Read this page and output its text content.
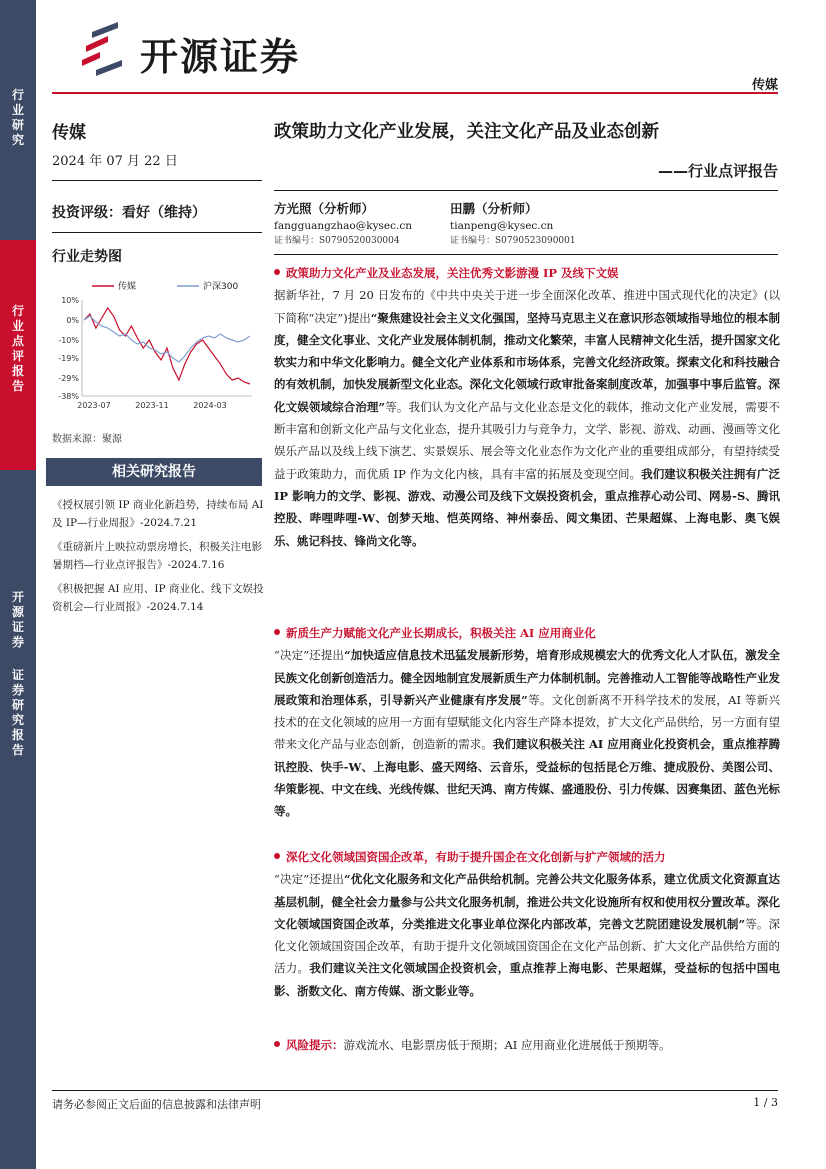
开源证券
传媒
行业研究
行业点评报告
开源证券
证券研究报告
传媒
2024 年 07 月 22 日
投资评级：看好（维持）
行业走势图
传媒	沪深300
2023-07	2023-11	2024-03
10%
0%
-10%
-19%
-29%
-38%
数据来源：聚源
相关研究报告
《授权展引领 IP 商业化新趋势，持续布局 AI 及 IP—行业周报》-2024.7.21
《重磅新片上映拉动票房增长，积极关注电影暑期档—行业点评报告》-2024.7.16
《积极把握 AI 应用、IP 商业化、线下文娱投资机会—行业周报》-2024.7.14
政策助力文化产业发展，关注文化产品及业态创新
——行业点评报告
方光照（分析师）
fangguangzhao@kysec.cn
证书编号：S0790520030004
田鹏（分析师）
tianpeng@kysec.cn
证书编号：S0790523090001
政策助力文化产业及业态发展，关注优秀文影游漫 IP 及线下文娱
据新华社，7 月 20 日发布的《中共中央关于进一步全面深化改革、推进中国式现代化的决定》(以下简称“决定”)提出“聚焦建设社会主义文化强国，坚持马克思主义在意识形态领域指导地位的根本制度，健全文化事业、文化产业发展体制机制，推动文化繁荣，丰富人民精神文化生活，提升国家文化软实力和中华文化影响力。健全文化产业体系和市场体系，完善文化经济政策。探索文化和科技融合的有效机制，加快发展新型文化业态。深化文化领域行政审批备案制度改革，加强事中事后监管。深化文娱领域综合治理”等。我们认为文化产品与文化业态是文化的载体，推动文化产业发展，需要不断丰富和创新文化产品与文化业态，提升其吸引力与竞争力，文学、影视、游戏、动画、漫画等文化娱乐产品以及线上线下演艺、实景娱乐、展会等文化业态作为文化产业的重要组成部分，有望持续受益于政策助力，而优质 IP 作为文化内核，具有丰富的拓展及变现空间。我们建议积极关注拥有广泛 IP 影响力的文学、影视、游戏、动漫公司及线下文娱投资机会，重点推荐心动公司、网易-S、腾讯控股、哔哩哔哩-W、创梦天地、恺英网络、神州泰岳、阅文集团、芒果超媒、上海电影、奥飞娱乐、姚记科技、锋尚文化等。
新质生产力赋能文化产业长期成长，积极关注 AI 应用商业化
“决定”还提出“加快适应信息技术迅猛发展新形势，培育形成规模宏大的优秀文化人才队伍，激发全民族文化创新创造活力。健全因地制宜发展新质生产力体制机制。完善推动人工智能等战略性产业发展政策和治理体系，引导新兴产业健康有序发展”等。文化创新离不开科学技术的发展，AI 等新兴技术的在文化领域的应用一方面有望赋能文化内容生产降本提效，扩大文化产品供给，另一方面有望带来文化产品与业态创新，创造新的需求。我们建议积极关注 AI 应用商业化投资机会，重点推荐腾讯控股、快手-W、上海电影、盛天网络、云音乐，受益标的包括昆仑万维、捷成股份、美图公司、华策影视、中文在线、光线传媒、世纪天鸿、南方传媒、盛通股份、引力传媒、因赛集团、蓝色光标等。
深化文化领域国资国企改革，有助于提升国企在文化创新与扩产领域的活力
“决定”还提出“优化文化服务和文化产品供给机制。完善公共文化服务体系，建立优质文化资源直达基层机制，健全社会力量参与公共文化服务机制，推进公共文化设施所有权和使用权分置改革。深化文化领域国资国企改革，分类推进文化事业单位深化内部改革，完善文艺院团建设发展机制”等。深化文化领域国资国企改革，有助于提升文化领域国资国企在文化产品创新、扩大文化产品供给方面的活力。我们建议关注文化领域国企投资机会，重点推荐上海电影、芒果超媒，受益标的包括中国电影、浙数文化、南方传媒、浙文影业等。
风险提示：游戏流水、电影票房低于预期；AI 应用商业化进展低于预期等。
请务必参阅正文后面的信息披露和法律声明	1 / 3
